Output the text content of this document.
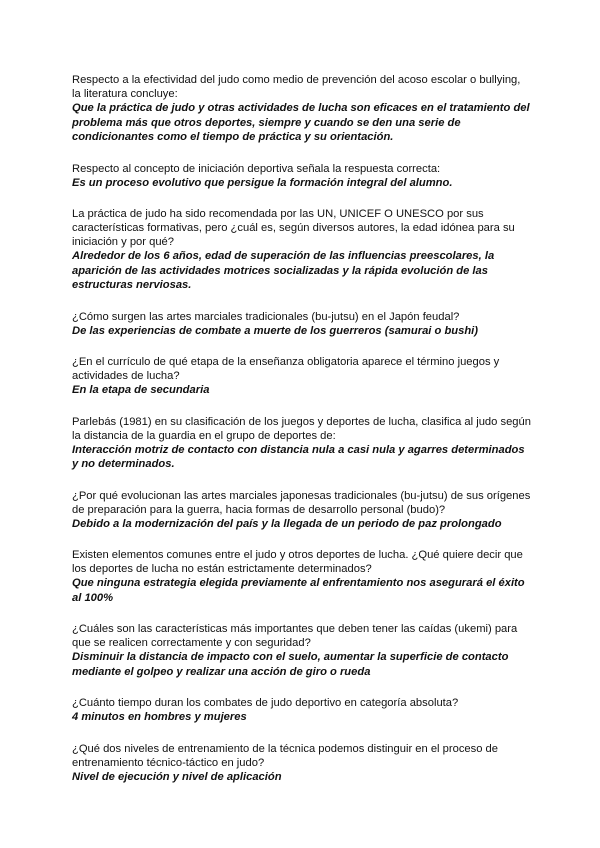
Respecto a la efectividad del judo como medio de prevención del acoso escolar o bullying, la literatura concluye:

Que la práctica de judo y otras actividades de lucha son eficaces en el tratamiento del problema más que otros deportes, siempre y cuando se den una serie de condicionantes como el tiempo de práctica y su orientación.

Respecto al concepto de iniciación deportiva señala la respuesta correcta:

Es un proceso evolutivo que persigue la formación integral del alumno.

La práctica de judo ha sido recomendada por las UN, UNICEF O UNESCO por sus características formativas, pero ¿cuál es, según diversos autores, la edad idónea para su iniciación y por qué?

Alrededor de los 6 años, edad de superación de las influencias preescolares, la aparición de las actividades motrices socializadas y la rápida evolución de las estructuras nerviosas.

¿Cómo surgen las artes marciales tradicionales (bu-jutsu) en el Japón feudal?

De las experiencias de combate a muerte de los guerreros (samurai o bushi)

¿En el currículo de qué etapa de la enseñanza obligatoria aparece el término juegos y actividades de lucha?

En la etapa de secundaria

Parlebás (1981) en su clasificación de los juegos y deportes de lucha, clasifica al judo según la distancia de la guardia en el grupo de deportes de:

Interacción motriz de contacto con distancia nula a casi nula y agarres determinados y no determinados.

¿Por qué evolucionan las artes marciales japonesas tradicionales (bu-jutsu) de sus orígenes de preparación para la guerra, hacia formas de desarrollo personal (budo)?

Debido a la modernización del país y la llegada de un periodo de paz prolongado

Existen elementos comunes entre el judo y otros deportes de lucha. ¿Qué quiere decir que los deportes de lucha no están estrictamente determinados?

Que ninguna estrategia elegida previamente al enfrentamiento nos asegurará el éxito al 100%

¿Cuáles son las características más importantes que deben tener las caídas (ukemi) para que se realicen correctamente y con seguridad?

Disminuir la distancia de impacto con el suelo, aumentar la superficie de contacto mediante el golpeo y realizar una acción de giro o rueda

¿Cuánto tiempo duran los combates de judo deportivo en categoría absoluta?

4 minutos en hombres y mujeres

¿Qué dos niveles de entrenamiento de la técnica podemos distinguir en el proceso de entrenamiento técnico-táctico en judo?

Nivel de ejecución y nivel de aplicación
